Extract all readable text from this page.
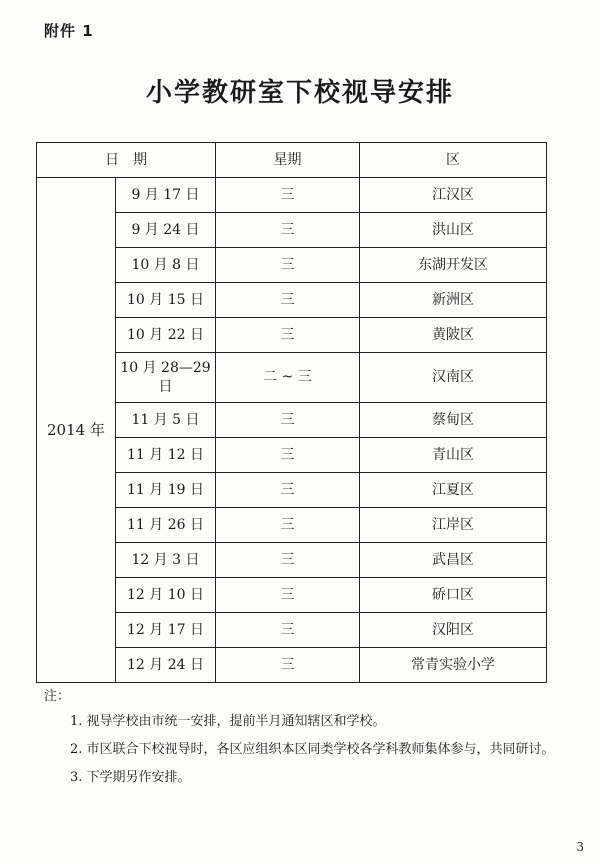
附件 1
小学教研室下校视导安排
日　期		星期	区
2014 年	9 月 17 日	三	江汉区
	9 月 24 日	三	洪山区
	10 月 8 日	三	东湖开发区
	10 月 15 日	三	新洲区
	10 月 22 日	三	黄陂区
	10 月 28—29 日	二 ~ 三	汉南区
	11 月 5 日	三	蔡甸区
	11 月 12 日	三	青山区
	11 月 19 日	三	江夏区
	11 月 26 日	三	江岸区
	12 月 3 日	三	武昌区
	12 月 10 日	三	硚口区
	12 月 17 日	三	汉阳区
	12 月 24 日	三	常青实验小学
注：
1. 视导学校由市统一安排，提前半月通知辖区和学校。
2. 市区联合下校视导时，各区应组织本区同类学校各学科教师集体参与，共同研讨。
3. 下学期另作安排。
3
